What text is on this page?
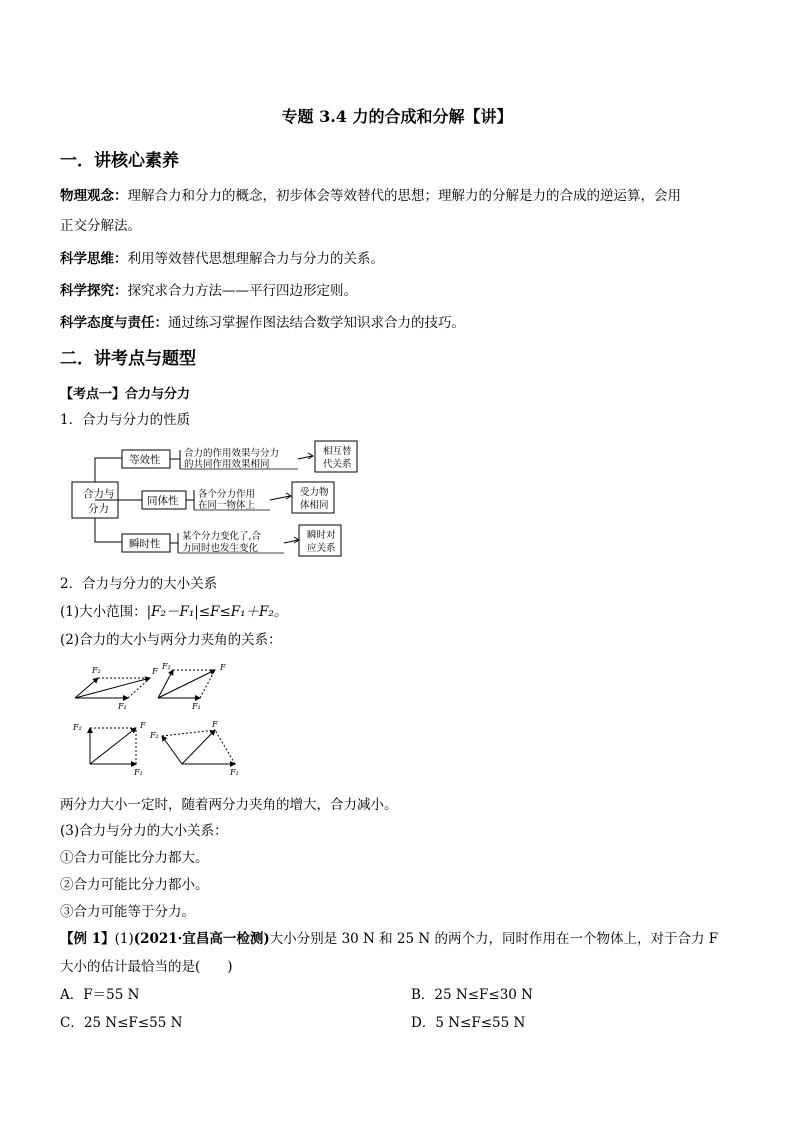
专题 3.4 力的合成和分解【讲】
一．讲核心素养
物理观念：理解合力和分力的概念，初步体会等效替代的思想；理解力的分解是力的合成的逆运算，会用
正交分解法。
科学思维：利用等效替代思想理解合力与分力的关系。
科学探究：探究求合力方法——平行四边形定则。
科学态度与责任：通过练习掌握作图法结合数学知识求合力的技巧。
二．讲考点与题型
【考点一】合力与分力
1．合力与分力的性质
合力与
分力
等效性
同体性
瞬时性
合力的作用效果与分力
的共同作用效果相同
各个分力作用
在同一物体上
某个分力变化了,合
力同时也发生变化
相互替
代关系
受力物
体相同
瞬时对
应关系
2．合力与分力的大小关系
(1)大小范围：|F₂－F₁|≤F≤F₁＋F₂。
(2)合力的大小与两分力夹角的关系：
F₂	F
F₁
F₂	F
F₁
F₂	F
F₁
F₂
F
F₁
两分力大小一定时，随着两分力夹角的增大，合力减小。
(3)合力与分力的大小关系：
①合力可能比分力都大。
②合力可能比分力都小。
③合力可能等于分力。
【例 1】(1)(2021·宜昌高一检测)大小分别是 30 N 和 25 N 的两个力，同时作用在一个物体上，对于合力 F
大小的估计最恰当的是(　　)
A．F＝55 N	B．25 N≤F≤30 N
C．25 N≤F≤55 N	D．5 N≤F≤55 N
